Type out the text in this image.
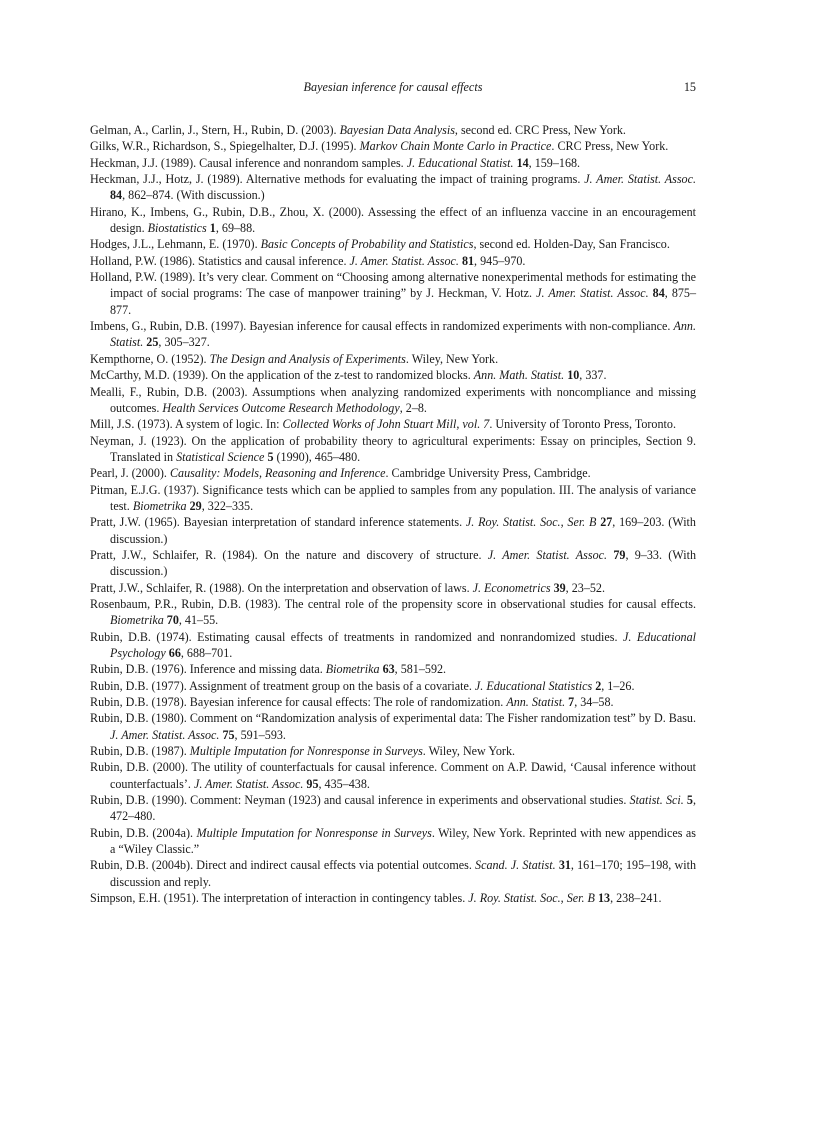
Bayesian inference for causal effects	15
Gelman, A., Carlin, J., Stern, H., Rubin, D. (2003). Bayesian Data Analysis, second ed. CRC Press, New York.
Gilks, W.R., Richardson, S., Spiegelhalter, D.J. (1995). Markov Chain Monte Carlo in Practice. CRC Press, New York.
Heckman, J.J. (1989). Causal inference and nonrandom samples. J. Educational Statist. 14, 159–168.
Heckman, J.J., Hotz, J. (1989). Alternative methods for evaluating the impact of training programs. J. Amer. Statist. Assoc. 84, 862–874. (With discussion.)
Hirano, K., Imbens, G., Rubin, D.B., Zhou, X. (2000). Assessing the effect of an influenza vaccine in an encouragement design. Biostatistics 1, 69–88.
Hodges, J.L., Lehmann, E. (1970). Basic Concepts of Probability and Statistics, second ed. Holden-Day, San Francisco.
Holland, P.W. (1986). Statistics and causal inference. J. Amer. Statist. Assoc. 81, 945–970.
Holland, P.W. (1989). It’s very clear. Comment on “Choosing among alternative nonexperimental methods for estimating the impact of social programs: The case of manpower training” by J. Heckman, V. Hotz. J. Amer. Statist. Assoc. 84, 875–877.
Imbens, G., Rubin, D.B. (1997). Bayesian inference for causal effects in randomized experiments with non-compliance. Ann. Statist. 25, 305–327.
Kempthorne, O. (1952). The Design and Analysis of Experiments. Wiley, New York.
McCarthy, M.D. (1939). On the application of the z-test to randomized blocks. Ann. Math. Statist. 10, 337.
Mealli, F., Rubin, D.B. (2003). Assumptions when analyzing randomized experiments with noncompliance and missing outcomes. Health Services Outcome Research Methodology, 2–8.
Mill, J.S. (1973). A system of logic. In: Collected Works of John Stuart Mill, vol. 7. University of Toronto Press, Toronto.
Neyman, J. (1923). On the application of probability theory to agricultural experiments: Essay on principles, Section 9. Translated in Statistical Science 5 (1990), 465–480.
Pearl, J. (2000). Causality: Models, Reasoning and Inference. Cambridge University Press, Cambridge.
Pitman, E.J.G. (1937). Significance tests which can be applied to samples from any population. III. The analysis of variance test. Biometrika 29, 322–335.
Pratt, J.W. (1965). Bayesian interpretation of standard inference statements. J. Roy. Statist. Soc., Ser. B 27, 169–203. (With discussion.)
Pratt, J.W., Schlaifer, R. (1984). On the nature and discovery of structure. J. Amer. Statist. Assoc. 79, 9–33. (With discussion.)
Pratt, J.W., Schlaifer, R. (1988). On the interpretation and observation of laws. J. Econometrics 39, 23–52.
Rosenbaum, P.R., Rubin, D.B. (1983). The central role of the propensity score in observational studies for causal effects. Biometrika 70, 41–55.
Rubin, D.B. (1974). Estimating causal effects of treatments in randomized and nonrandomized studies. J. Educational Psychology 66, 688–701.
Rubin, D.B. (1976). Inference and missing data. Biometrika 63, 581–592.
Rubin, D.B. (1977). Assignment of treatment group on the basis of a covariate. J. Educational Statistics 2, 1–26.
Rubin, D.B. (1978). Bayesian inference for causal effects: The role of randomization. Ann. Statist. 7, 34–58.
Rubin, D.B. (1980). Comment on “Randomization analysis of experimental data: The Fisher randomization test” by D. Basu. J. Amer. Statist. Assoc. 75, 591–593.
Rubin, D.B. (1987). Multiple Imputation for Nonresponse in Surveys. Wiley, New York.
Rubin, D.B. (2000). The utility of counterfactuals for causal inference. Comment on A.P. Dawid, ‘Causal inference without counterfactuals’. J. Amer. Statist. Assoc. 95, 435–438.
Rubin, D.B. (1990). Comment: Neyman (1923) and causal inference in experiments and observational studies. Statist. Sci. 5, 472–480.
Rubin, D.B. (2004a). Multiple Imputation for Nonresponse in Surveys. Wiley, New York. Reprinted with new appendices as a “Wiley Classic.”
Rubin, D.B. (2004b). Direct and indirect causal effects via potential outcomes. Scand. J. Statist. 31, 161–170; 195–198, with discussion and reply.
Simpson, E.H. (1951). The interpretation of interaction in contingency tables. J. Roy. Statist. Soc., Ser. B 13, 238–241.
